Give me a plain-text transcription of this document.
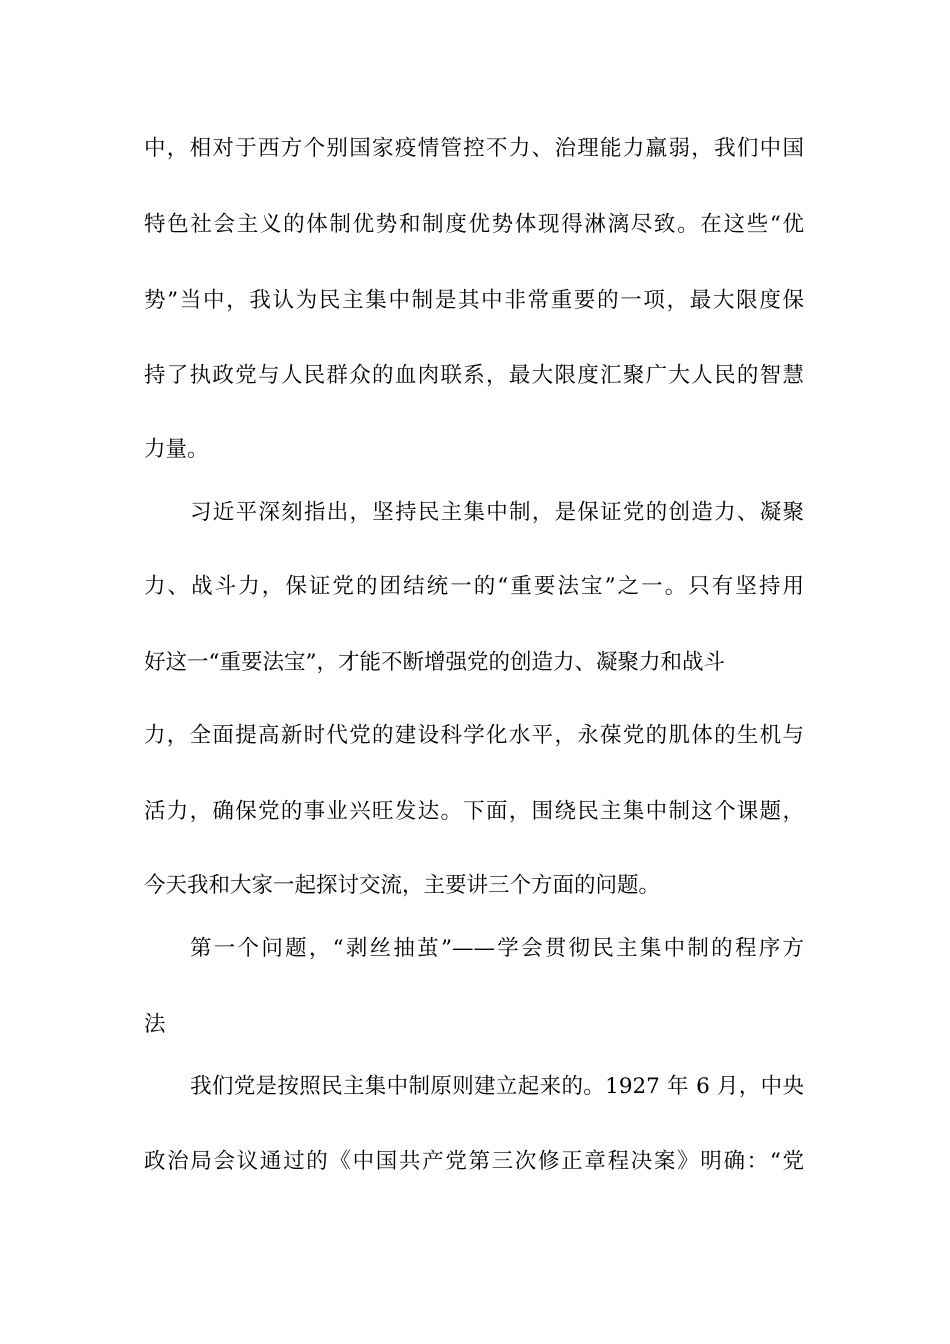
中，相对于西方个别国家疫情管控不力、治理能力羸弱，我们中国
特色社会主义的体制优势和制度优势体现得淋漓尽致。在这些“优
势”当中，我认为民主集中制是其中非常重要的一项，最大限度保
持了执政党与人民群众的血肉联系，最大限度汇聚广大人民的智慧
力量。
习近平深刻指出，坚持民主集中制，是保证党的创造力、凝聚
力、战斗力，保证党的团结统一的“重要法宝”之一。只有坚持用
好这一“重要法宝”，才能不断增强党的创造力、凝聚力和战斗
力，全面提高新时代党的建设科学化水平，永葆党的肌体的生机与
活力，确保党的事业兴旺发达。下面，围绕民主集中制这个课题，
今天我和大家一起探讨交流，主要讲三个方面的问题。
第一个问题，“剥丝抽茧”——学会贯彻民主集中制的程序方
法
我们党是按照民主集中制原则建立起来的。1927 年 6 月，中央
政治局会议通过的《中国共产党第三次修正章程决案》明确：“党
